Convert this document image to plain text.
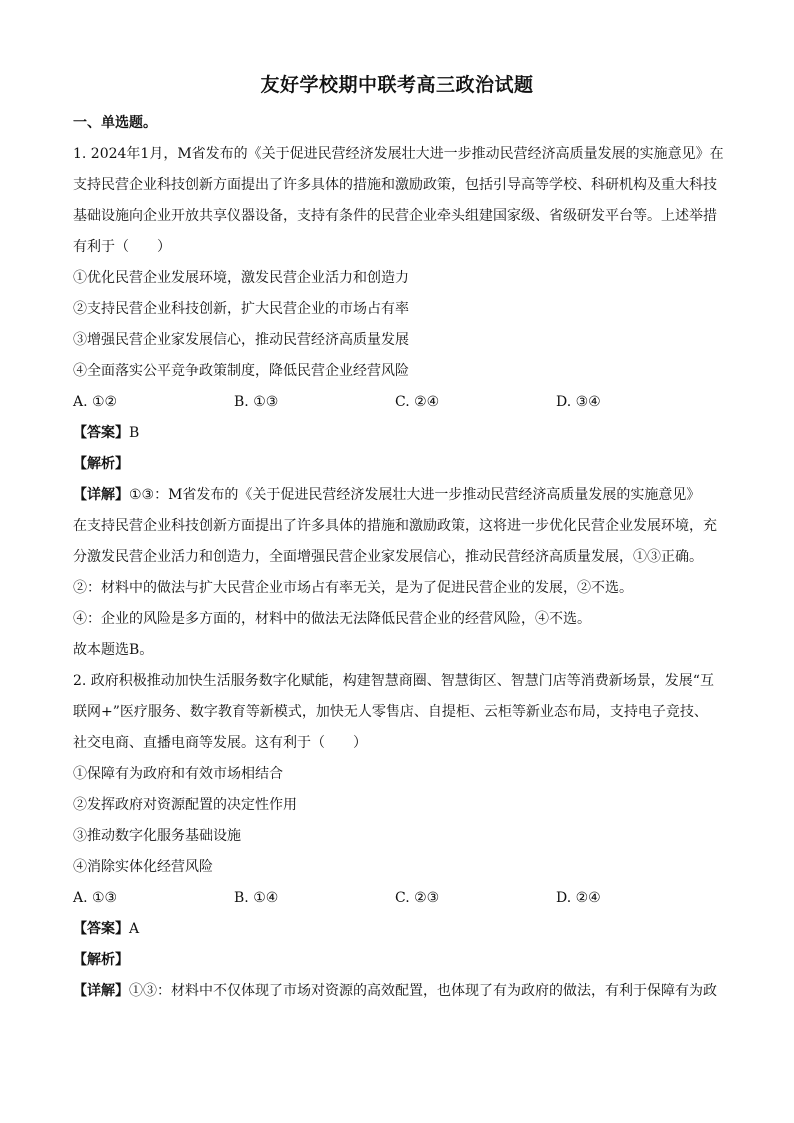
友好学校期中联考高三政治试题
一、单选题。
1. 2024年1月，M省发布的《关于促进民营经济发展壮大进一步推动民营经济高质量发展的实施意见》在
支持民营企业科技创新方面提出了许多具体的措施和激励政策，包括引导高等学校、科研机构及重大科技
基础设施向企业开放共享仪器设备，支持有条件的民营企业牵头组建国家级、省级研发平台等。上述举措
有利于（　　）
①优化民营企业发展环境，激发民营企业活力和创造力
②支持民营企业科技创新，扩大民营企业的市场占有率
③增强民营企业家发展信心，推动民营经济高质量发展
④全面落实公平竞争政策制度，降低民营企业经营风险
A. ①②	B. ①③	C. ②④	D. ③④
【答案】B
【解析】
【详解】①③：M省发布的《关于促进民营经济发展壮大进一步推动民营经济高质量发展的实施意见》
在支持民营企业科技创新方面提出了许多具体的措施和激励政策，这将进一步优化民营企业发展环境，充
分激发民营企业活力和创造力，全面增强民营企业家发展信心，推动民营经济高质量发展，①③正确。
②：材料中的做法与扩大民营企业市场占有率无关，是为了促进民营企业的发展，②不选。
④：企业的风险是多方面的，材料中的做法无法降低民营企业的经营风险，④不选。
故本题选B。
2. 政府积极推动加快生活服务数字化赋能，构建智慧商圈、智慧街区、智慧门店等消费新场景，发展“互
联网+”医疗服务、数字教育等新模式，加快无人零售店、自提柜、云柜等新业态布局，支持电子竞技、
社交电商、直播电商等发展。这有利于（　　）
①保障有为政府和有效市场相结合
②发挥政府对资源配置的决定性作用
③推动数字化服务基础设施
④消除实体化经营风险
A. ①③	B. ①④	C. ②③	D. ②④
【答案】A
【解析】
【详解】①③：材料中不仅体现了市场对资源的高效配置，也体现了有为政府的做法，有利于保障有为政
